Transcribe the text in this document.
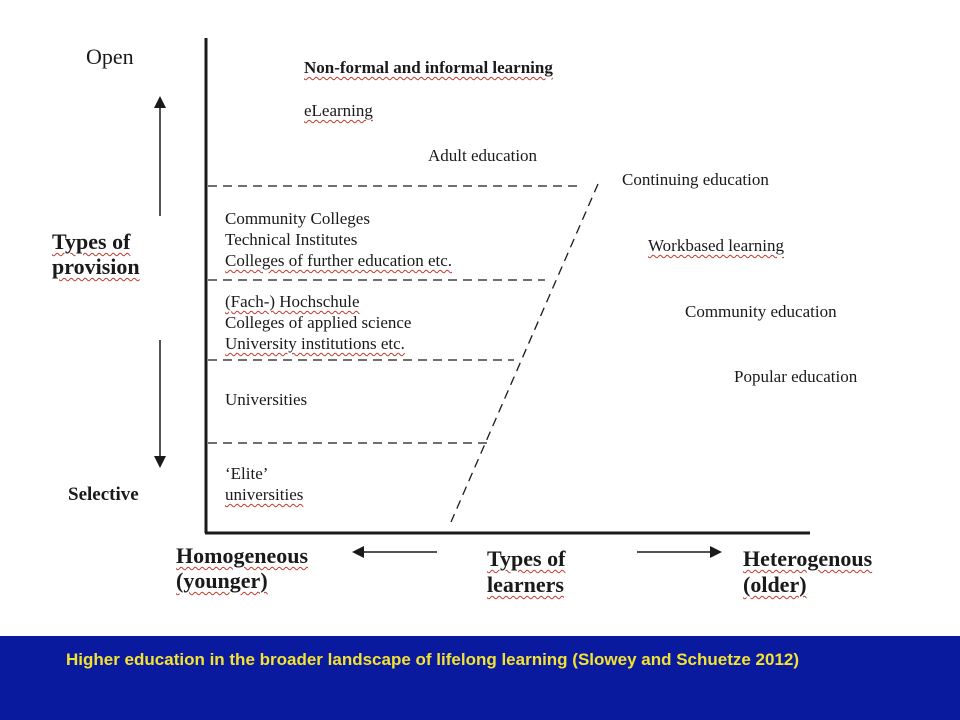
Open
Types of
provision
Selective
Non-formal and informal learning
eLearning
Adult education
Community Colleges
Technical Institutes
Colleges of further education etc.
(Fach-) Hochschule
Colleges of applied science
University institutions etc.
Universities
‘Elite’
universities
Continuing education
Workbased learning
Community education
Popular education
Homogeneous
(younger)
Types of
learners
Heterogenous
(older)
Higher education in the broader landscape of lifelong learning (Slowey and Schuetze 2012)
